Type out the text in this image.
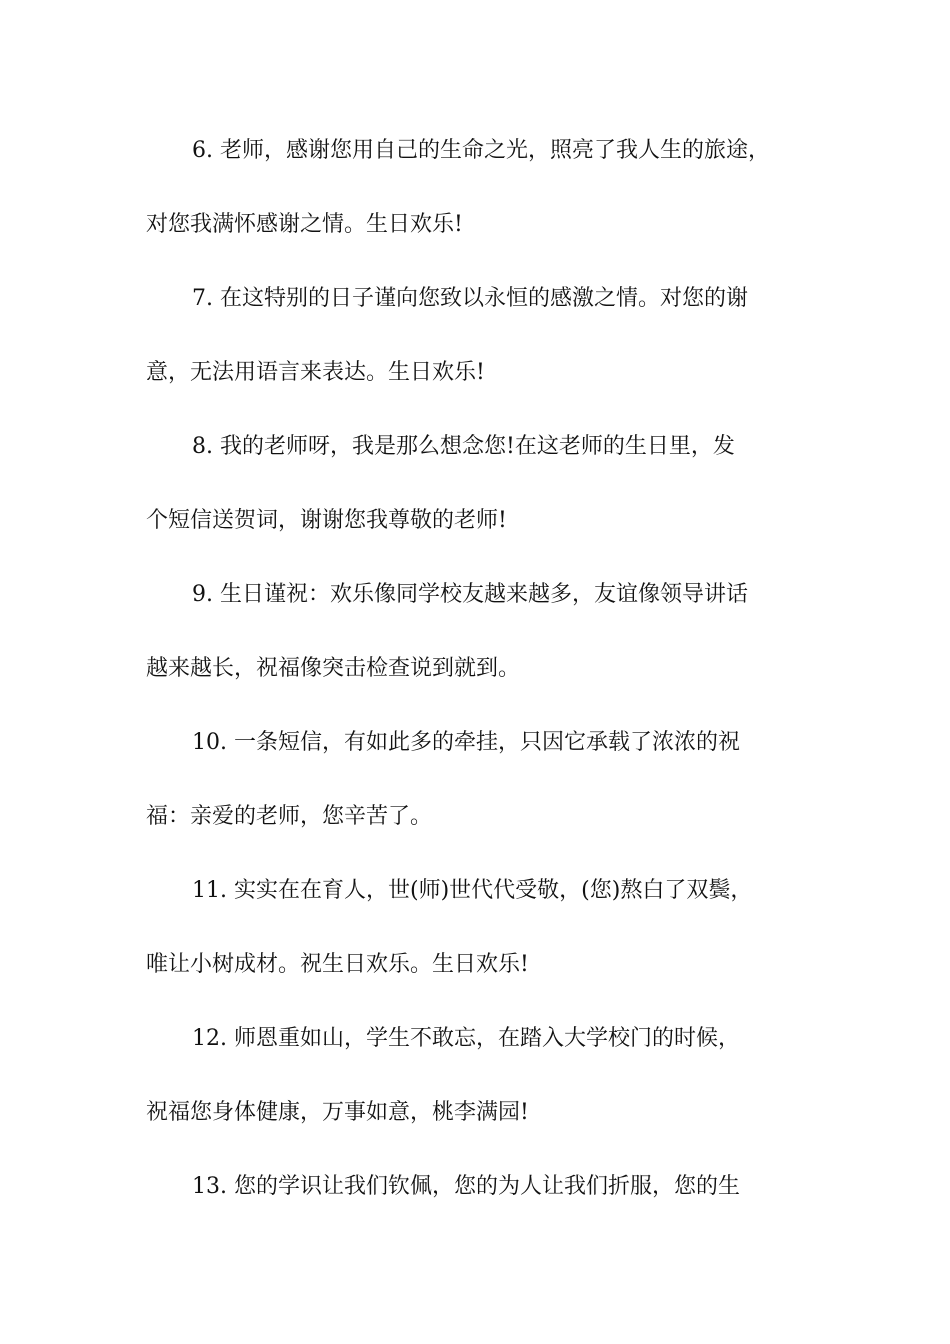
6. 老师，感谢您用自己的生命之光，照亮了我人生的旅途，
对您我满怀感谢之情。生日欢乐!
7. 在这特别的日子谨向您致以永恒的感激之情。对您的谢
意，无法用语言来表达。生日欢乐!
8. 我的老师呀，我是那么想念您!在这老师的生日里，发
个短信送贺词，谢谢您我尊敬的老师!
9. 生日谨祝：欢乐像同学校友越来越多，友谊像领导讲话
越来越长，祝福像突击检查说到就到。
10. 一条短信，有如此多的牵挂，只因它承载了浓浓的祝
福：亲爱的老师，您辛苦了。
11. 实实在在育人，世(师)世代代受敬，(您)熬白了双鬓，
唯让小树成材。祝生日欢乐。生日欢乐!
12. 师恩重如山，学生不敢忘，在踏入大学校门的时候，
祝福您身体健康，万事如意，桃李满园!
13. 您的学识让我们钦佩，您的为人让我们折服，您的生
